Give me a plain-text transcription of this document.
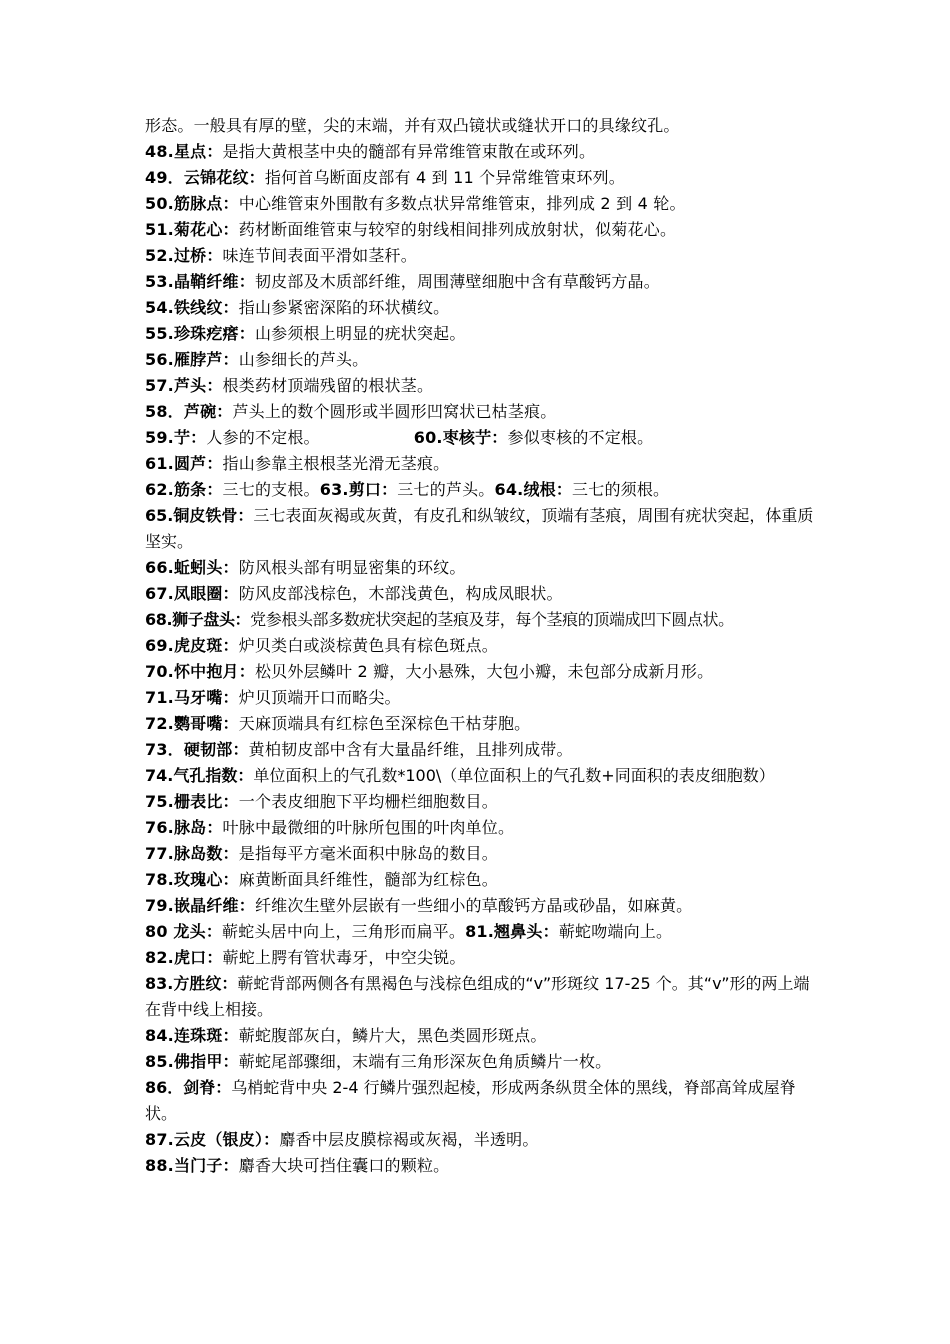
形态。一般具有厚的壁，尖的末端，并有双凸镜状或缝状开口的具缘纹孔。
48.星点：是指大黄根茎中央的髓部有异常维管束散在或环列。
49．云锦花纹：指何首乌断面皮部有 4 到 11 个异常维管束环列。
50.筋脉点：中心维管束外围散有多数点状异常维管束，排列成 2 到 4 轮。
51.菊花心：药材断面维管束与较窄的射线相间排列成放射状，似菊花心。
52.过桥：味连节间表面平滑如茎秆。
53.晶鞘纤维：韧皮部及木质部纤维，周围薄壁细胞中含有草酸钙方晶。
54.铁线纹：指山参紧密深陷的环状横纹。
55.珍珠疙瘩：山参须根上明显的疣状突起。
56.雁脖芦：山参细长的芦头。
57.芦头：根类药材顶端残留的根状茎。
58．芦碗：芦头上的数个圆形或半圆形凹窝状已枯茎痕。
59.艼：人参的不定根。	60.枣核艼：参似枣核的不定根。
61.圆芦：指山参靠主根根茎光滑无茎痕。
62.筋条：三七的支根。63.剪口：三七的芦头。64.绒根：三七的须根。
65.铜皮铁骨：三七表面灰褐或灰黄，有皮孔和纵皱纹，顶端有茎痕，周围有疣状突起，体重质坚实。
66.蚯蚓头：防风根头部有明显密集的环纹。
67.凤眼圈：防风皮部浅棕色，木部浅黄色，构成凤眼状。
68.狮子盘头：党参根头部多数疣状突起的茎痕及芽，每个茎痕的顶端成凹下圆点状。
69.虎皮斑：炉贝类白或淡棕黄色具有棕色斑点。
70.怀中抱月：松贝外层鳞叶 2 瓣，大小悬殊，大包小瓣，未包部分成新月形。
71.马牙嘴：炉贝顶端开口而略尖。
72.鹦哥嘴：天麻顶端具有红棕色至深棕色干枯芽胞。
73．硬韧部：黄柏韧皮部中含有大量晶纤维，且排列成带。
74.气孔指数：单位面积上的气孔数*100\（单位面积上的气孔数+同面积的表皮细胞数）
75.栅表比：一个表皮细胞下平均栅栏细胞数目。
76.脉岛：叶脉中最微细的叶脉所包围的叶肉单位。
77.脉岛数：是指每平方毫米面积中脉岛的数目。
78.玫瑰心：麻黄断面具纤维性，髓部为红棕色。
79.嵌晶纤维：纤维次生壁外层嵌有一些细小的草酸钙方晶或砂晶，如麻黄。
80 龙头：蕲蛇头居中向上，三角形而扁平。81.翘鼻头：蕲蛇吻端向上。
82.虎口：蕲蛇上腭有管状毒牙，中空尖锐。
83.方胜纹：蕲蛇背部两侧各有黑褐色与浅棕色组成的“v”形斑纹 17-25 个。其“v”形的两上端在背中线上相接。
84.连珠斑：蕲蛇腹部灰白，鳞片大，黑色类圆形斑点。
85.佛指甲：蕲蛇尾部骤细，末端有三角形深灰色角质鳞片一枚。
86．剑脊：乌梢蛇背中央 2-4 行鳞片强烈起棱，形成两条纵贯全体的黑线，脊部高耸成屋脊状。
87.云皮（银皮）：麝香中层皮膜棕褐或灰褐，半透明。
88.当门子：麝香大块可挡住囊口的颗粒。
